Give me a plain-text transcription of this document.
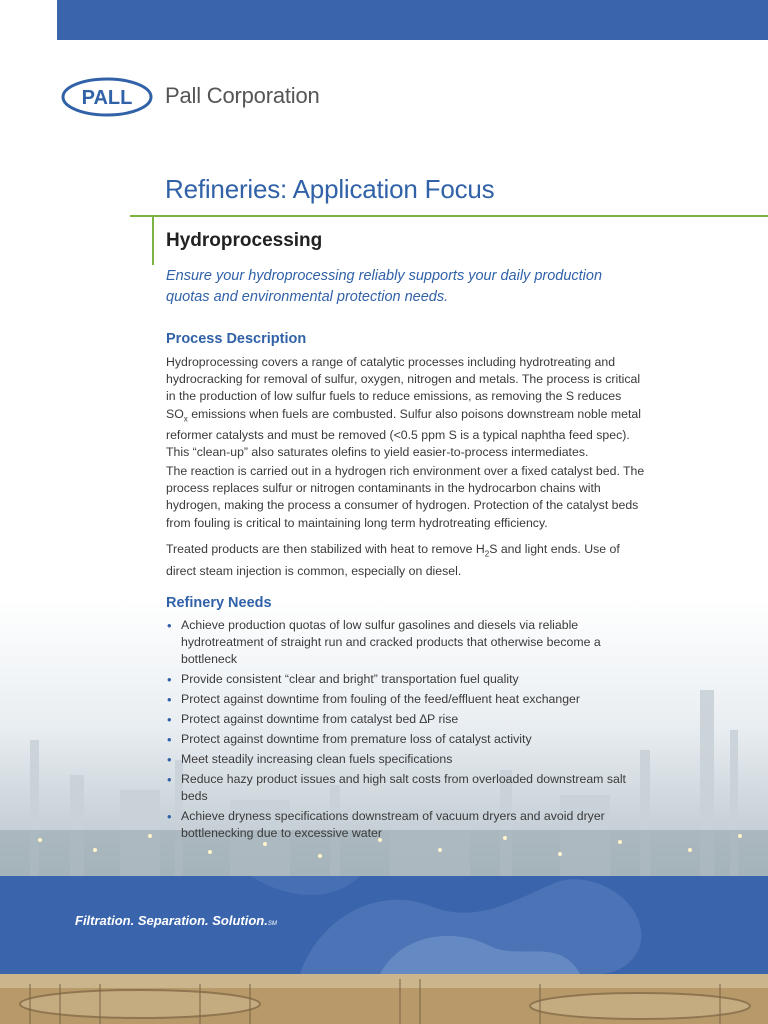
PALL Pall Corporation
Refineries: Application Focus
Hydroprocessing

Ensure your hydroprocessing reliably supports your daily production quotas and environmental protection needs.

Process Description

Hydroprocessing covers a range of catalytic processes including hydrotreating and hydrocracking for removal of sulfur, oxygen, nitrogen and metals. The process is critical in the production of low sulfur fuels to reduce emissions, as removing the S reduces $SO_x$ emissions when fuels are combusted. Sulfur also poisons downstream noble metal reformer catalysts and must be removed (<0.5 ppm S is a typical naphtha feed spec). This “clean-up” also saturates olefins to yield easier-to-process intermediates.

The reaction is carried out in a hydrogen rich environment over a fixed catalyst bed. The process replaces sulfur or nitrogen contaminants in the hydrocarbon chains with hydrogen, making the process a consumer of hydrogen. Protection of the catalyst beds from fouling is critical to maintaining long term hydrotreating efficiency.

Treated products are then stabilized with heat to remove $H_2S$ and light ends. Use of direct steam injection is common, especially on diesel.

• Achieve production quotas of low sulfur gasolines and diesels via reliable hydrotreatment of straight run and cracked products that otherwise become a bottleneck
• Provide consistent “clear and bright” transportation fuel quality
• Protect against downtime from fouling of the feed/effluent heat exchanger
• Protect against downtime from catalyst bed ∆P rise
• Protect against downtime from premature loss of catalyst activity
• Meet steadily increasing clean fuels specifications
• Reduce hazy product issues and high salt costs from overloaded downstream salt beds
• Achieve dryness specifications downstream of vacuum dryers and avoid dryer bottlenecking due to excessive water
Refinery Needs
Filtration. Separation. Solution.SM
